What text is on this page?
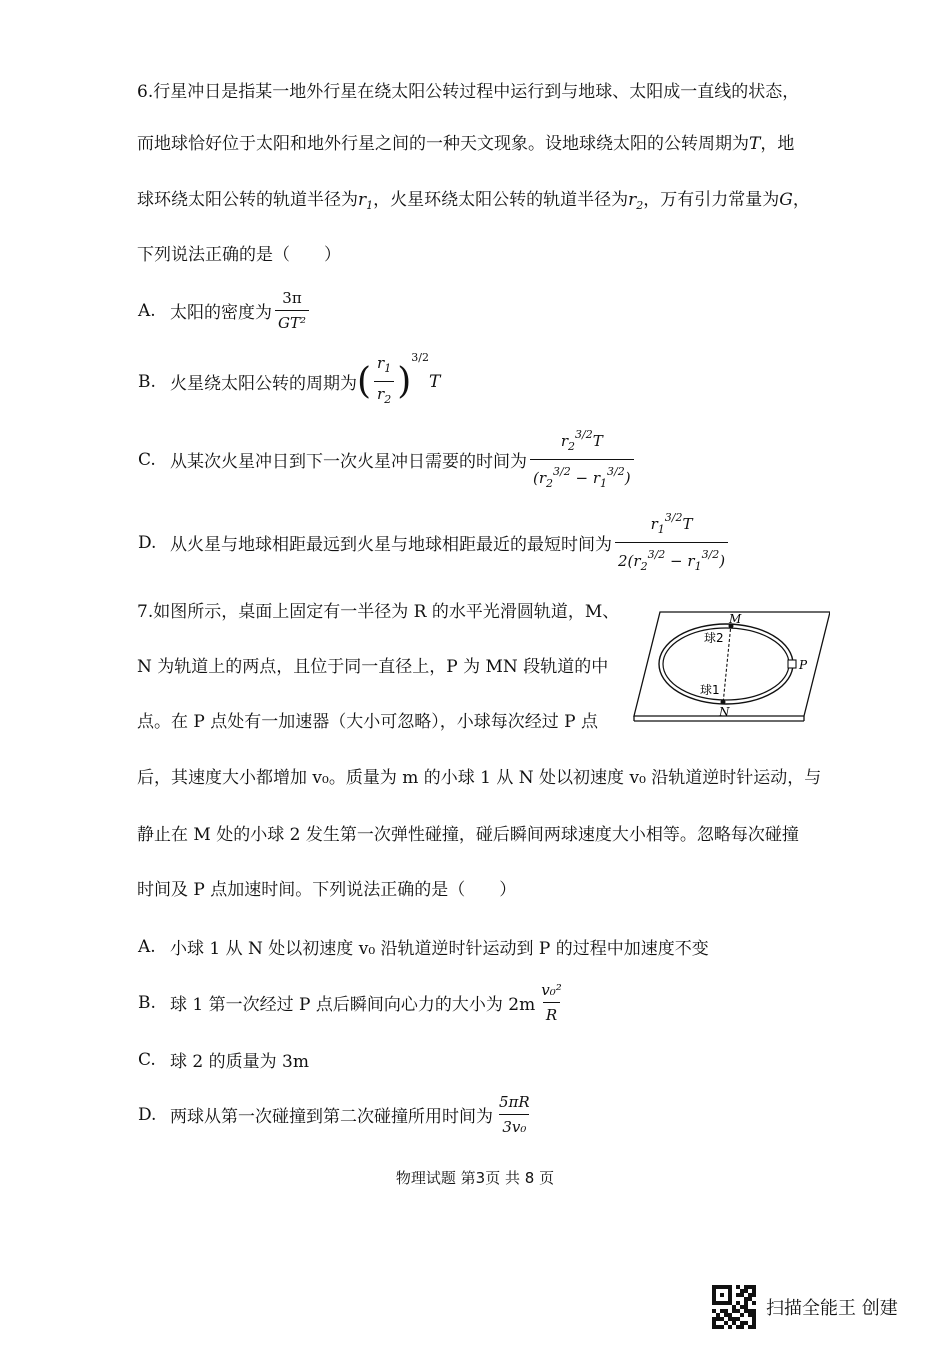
6.行星冲日是指某一地外行星在绕太阳公转过程中运行到与地球、太阳成一直线的状态，
而地球恰好位于太阳和地外行星之间的一种天文现象。设地球绕太阳的公转周期为T，地
球环绕太阳公转的轨道半径为$r_1$，火星环绕太阳公转的轨道半径为$r_2$，万有引力常量为G，
下列说法正确的是（　　）
A. 太阳的密度为 $\frac{3\pi}{\text{GT²}}$
B. 火星绕太阳公转的周期为 ( $\frac{r_1}{r_2}$ )
3/2
T
C. 从某次火星冲日到下一次火星冲日需要的时间为 $\frac{r_2^{3/2}T}{(r_2^{3/2} - r_1^{3/2})}$
D. 从火星与地球相距最远到火星与地球相距最近的最短时间为 $\frac{r_1^{3/2}T}{2(r_2^{3/2} - r_1^{3/2})}$
7.如图所示，桌面上固定有一半径为 R 的水平光滑圆轨道，M、
N 为轨道上的两点，且位于同一直径上，P 为 MN 段轨道的中
点。在 P 点处有一加速器（大小可忽略），小球每次经过 P 点
后，其速度大小都增加 v₀。质量为 m 的小球 1 从 N 处以初速度 v₀ 沿轨道逆时针运动，与
静止在 M 处的小球 2 发生第一次弹性碰撞，碰后瞬间两球速度大小相等。忽略每次碰撞
时间及 P 点加速时间。下列说法正确的是（　　）
M
N
P
球2
球1
A. 小球 1 从 N 处以初速度 v₀ 沿轨道逆时针运动到 P 的过程中加速度不变
B. 球 1 第一次经过 P 点后瞬间向心力的大小为 $2m \frac{\text{v₀²}}{R}$
C. 球 2 的质量为 3m
D. 两球从第一次碰撞到第二次碰撞所用时间为 $\frac{5\pi R}{\text{3v₀}}$
物理试题 第3页 共 8 页
扫描全能王 创建
